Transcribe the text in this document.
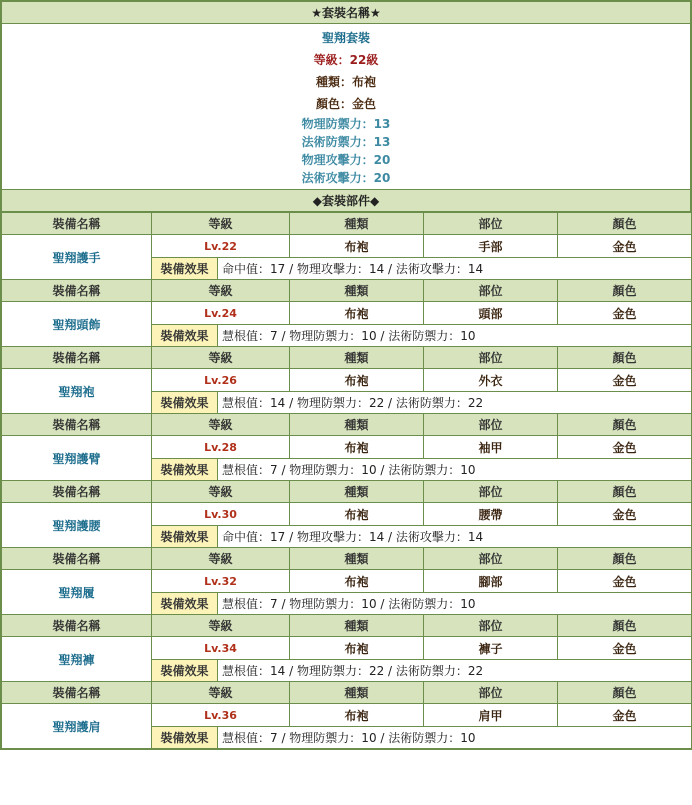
★套裝名稱★

聖翔套裝
等級：22級
種類：布袍
顏色：金色
物理防禦力：13
法術防禦力：13
物理攻擊力：20
法術攻擊力：20

◆套裝部件◆
裝備名稱	等級		種類	部位	顏色
聖翔護手	Lv.22		布袍	手部	金色
	裝備效果	命中值：17 / 物理攻擊力：14 / 法術攻擊力：14			
裝備名稱	等級		種類	部位	顏色
聖翔頭飾	Lv.24		布袍	頭部	金色
	裝備效果	慧根值：7 / 物理防禦力：10 / 法術防禦力：10			
裝備名稱	等級		種類	部位	顏色
聖翔袍	Lv.26		布袍	外衣	金色
	裝備效果	慧根值：14 / 物理防禦力：22 / 法術防禦力：22			
裝備名稱	等級		種類	部位	顏色
聖翔護臂	Lv.28		布袍	袖甲	金色
	裝備效果	慧根值：7 / 物理防禦力：10 / 法術防禦力：10			
裝備名稱	等級		種類	部位	顏色
聖翔護腰	Lv.30		布袍	腰帶	金色
	裝備效果	命中值：17 / 物理攻擊力：14 / 法術攻擊力：14			
裝備名稱	等級		種類	部位	顏色
聖翔履	Lv.32		布袍	腳部	金色
	裝備效果	慧根值：7 / 物理防禦力：10 / 法術防禦力：10			
裝備名稱	等級		種類	部位	顏色
聖翔褲	Lv.34		布袍	褲子	金色
	裝備效果	慧根值：14 / 物理防禦力：22 / 法術防禦力：22			
裝備名稱	等級		種類	部位	顏色
聖翔護肩	Lv.36		布袍	肩甲	金色
	裝備效果	慧根值：7 / 物理防禦力：10 / 法術防禦力：10			
